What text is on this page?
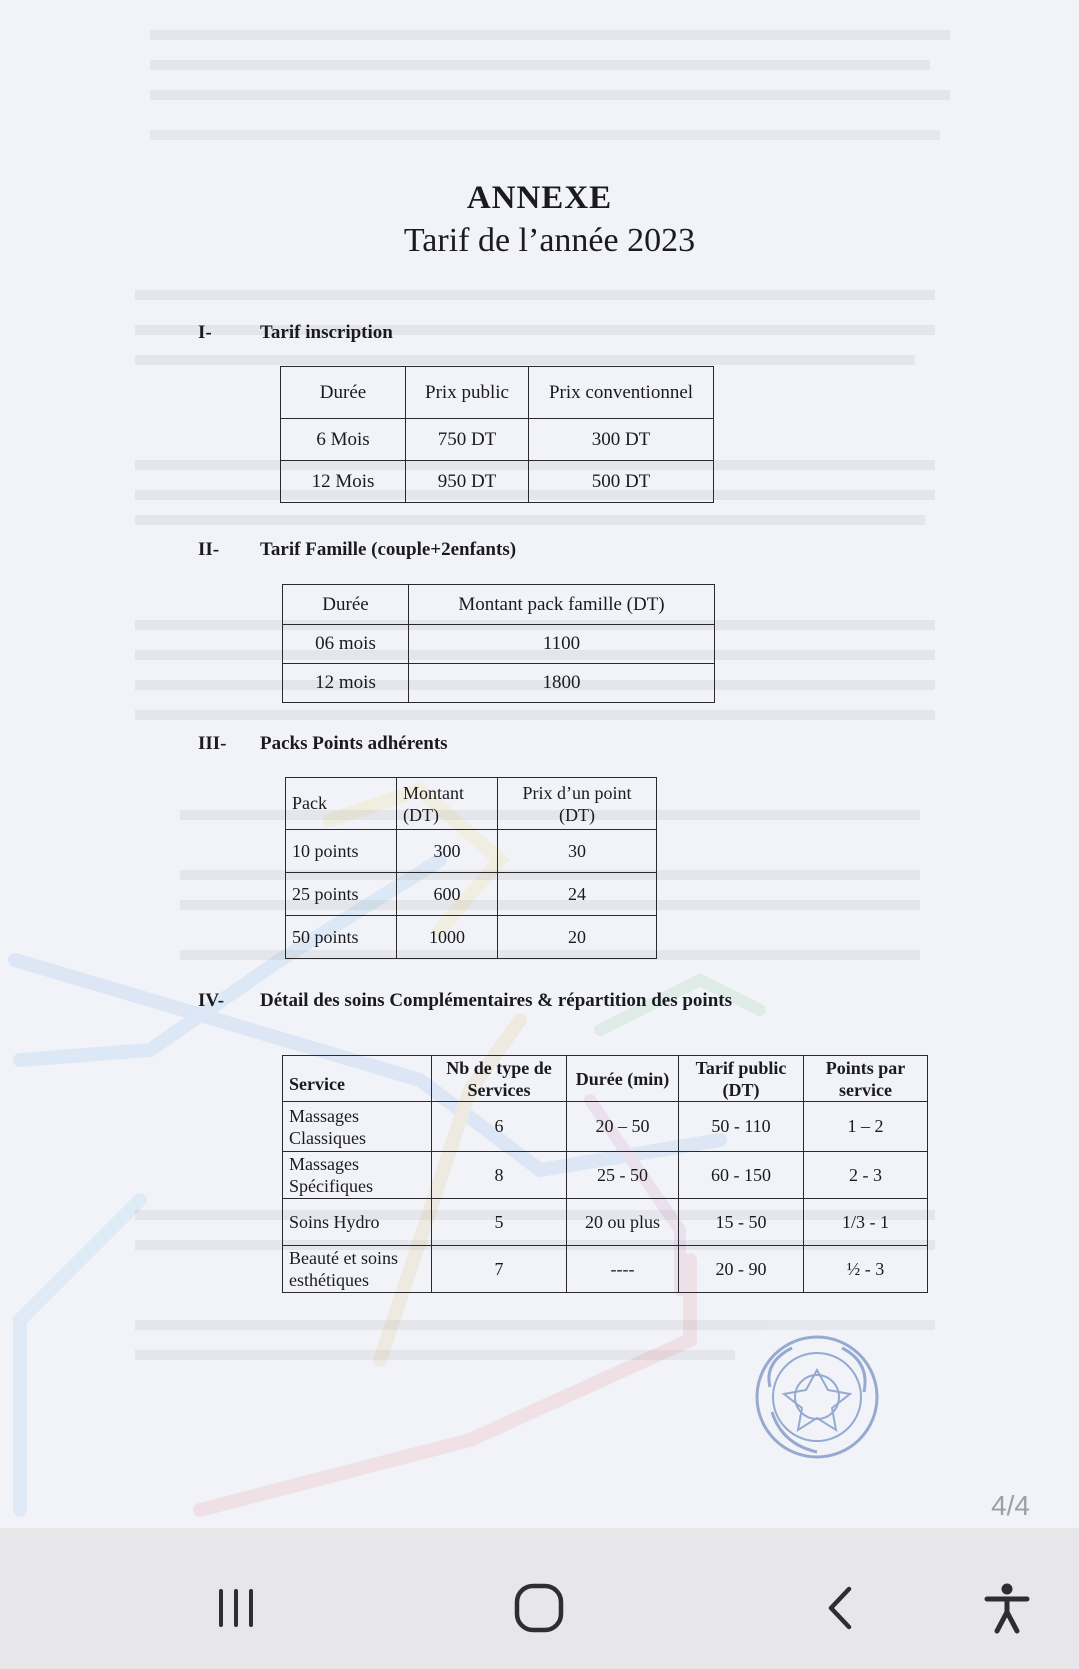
ANNEXE
Tarif de l’année 2023
I-	Tarif inscription
Durée	Prix public	Prix conventionnel
6 Mois	750 DT	300 DT
12 Mois	950 DT	500 DT
II- Tarif Famille (couple+2enfants)
Durée	Montant pack famille (DT)
06 mois	1100
12 mois	1800
III- Packs Points adhérents
Pack	Montant (DT)	Prix d’un point (DT)
10 points	300	30
25 points	600	24
50 points	1000	20
IV- Détail des soins Complémentaires & répartition des points
Service	Nb de type de Services	Durée (min)	Tarif public (DT)	Points par service
Massages Classiques	6	20 – 50	50 - 110	1 – 2
Massages Spécifiques	8	25 - 50	60 - 150	2 - 3
Soins Hydro	5	20 ou plus	15 - 50	1/3 - 1
Beauté et soins esthétiques	7	----	20 - 90	½ - 3
4/4
